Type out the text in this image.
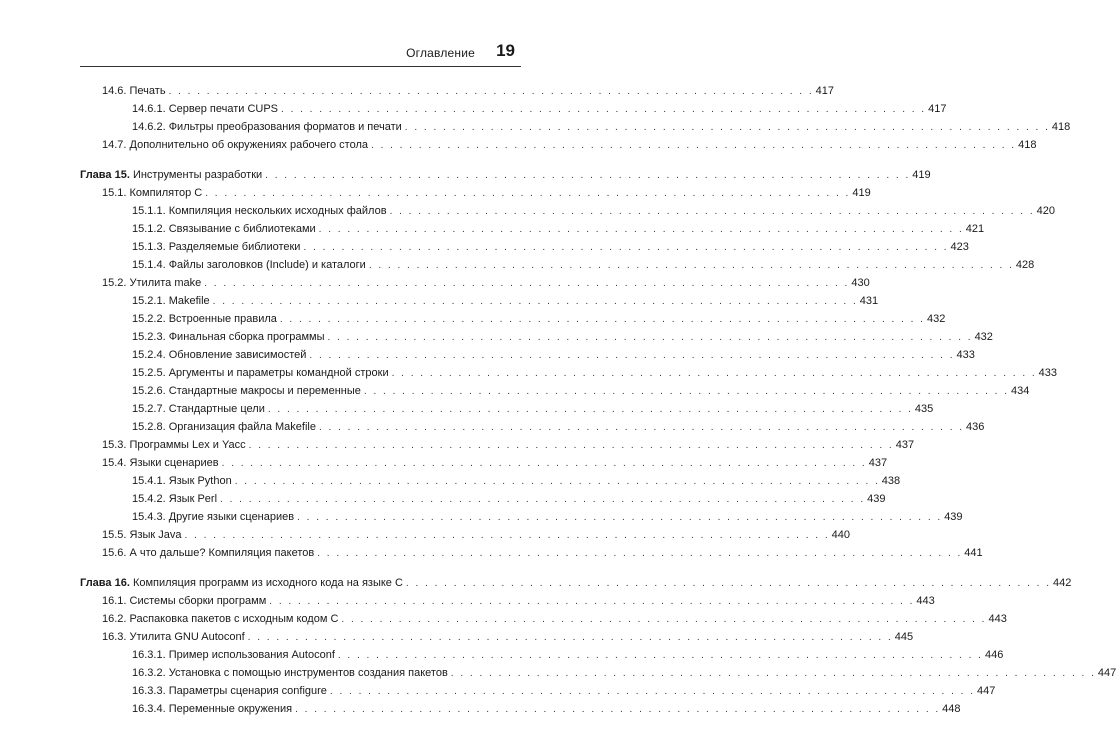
Оглавление 19
14.6. Печать . . . . . . . . . . . . . . . . . . . . . . . . . . . . . . . . . . . . . . . . . . . . . . . . . . . . . . . . . . . . . . . . . . . . 417
14.6.1. Сервер печати CUPS . . . . . . . . . . . . . . . . . . . . . . . . . . . . . . . . . . . . . . . . . . . . . . . . . . . . . . . . . . . . . . . . . . . . 417
14.6.2. Фильтры преобразования форматов и печати . . . . . . . . . . . . . . . . . . . . . . . . . . . . . . . . . . . . . . . . . . . . . . . . . . . . . . . . . . . . . . . . . . . . 418
14.7. Дополнительно об окружениях рабочего стола . . . . . . . . . . . . . . . . . . . . . . . . . . . . . . . . . . . . . . . . . . . . . . . . . . . . . . . . . . . . . . . . . . . . 418
Глава 15. Инструменты разработки . . . . . . . . . . . . . . . . . . . . . . . . . . . . . . . . . . . . . . . . . . . . . . . . . . . . . . . . . . . . . . . . . . . . 419
15.1. Компилятор С . . . . . . . . . . . . . . . . . . . . . . . . . . . . . . . . . . . . . . . . . . . . . . . . . . . . . . . . . . . . . . . . . . . . 419
15.1.1. Компиляция нескольких исходных файлов . . . . . . . . . . . . . . . . . . . . . . . . . . . . . . . . . . . . . . . . . . . . . . . . . . . . . . . . . . . . . . . . . . . . 420
15.1.2. Связывание с библиотеками . . . . . . . . . . . . . . . . . . . . . . . . . . . . . . . . . . . . . . . . . . . . . . . . . . . . . . . . . . . . . . . . . . . . 421
15.1.3. Разделяемые библиотеки . . . . . . . . . . . . . . . . . . . . . . . . . . . . . . . . . . . . . . . . . . . . . . . . . . . . . . . . . . . . . . . . . . . . 423
15.1.4. Файлы заголовков (Include) и каталоги . . . . . . . . . . . . . . . . . . . . . . . . . . . . . . . . . . . . . . . . . . . . . . . . . . . . . . . . . . . . . . . . . . . . 428
15.2. Утилита make . . . . . . . . . . . . . . . . . . . . . . . . . . . . . . . . . . . . . . . . . . . . . . . . . . . . . . . . . . . . . . . . . . . . 430
15.2.1. Makefile . . . . . . . . . . . . . . . . . . . . . . . . . . . . . . . . . . . . . . . . . . . . . . . . . . . . . . . . . . . . . . . . . . . . 431
15.2.2. Встроенные правила . . . . . . . . . . . . . . . . . . . . . . . . . . . . . . . . . . . . . . . . . . . . . . . . . . . . . . . . . . . . . . . . . . . . 432
15.2.3. Финальная сборка программы . . . . . . . . . . . . . . . . . . . . . . . . . . . . . . . . . . . . . . . . . . . . . . . . . . . . . . . . . . . . . . . . . . . . 432
15.2.4. Обновление зависимостей . . . . . . . . . . . . . . . . . . . . . . . . . . . . . . . . . . . . . . . . . . . . . . . . . . . . . . . . . . . . . . . . . . . . 433
15.2.5. Аргументы и параметры командной строки . . . . . . . . . . . . . . . . . . . . . . . . . . . . . . . . . . . . . . . . . . . . . . . . . . . . . . . . . . . . . . . . . . . . 433
15.2.6. Стандартные макросы и переменные . . . . . . . . . . . . . . . . . . . . . . . . . . . . . . . . . . . . . . . . . . . . . . . . . . . . . . . . . . . . . . . . . . . . 434
15.2.7. Стандартные цели . . . . . . . . . . . . . . . . . . . . . . . . . . . . . . . . . . . . . . . . . . . . . . . . . . . . . . . . . . . . . . . . . . . . 435
15.2.8. Организация файла Makefile . . . . . . . . . . . . . . . . . . . . . . . . . . . . . . . . . . . . . . . . . . . . . . . . . . . . . . . . . . . . . . . . . . . . 436
15.3. Программы Lex и Yacc . . . . . . . . . . . . . . . . . . . . . . . . . . . . . . . . . . . . . . . . . . . . . . . . . . . . . . . . . . . . . . . . . . . . 437
15.4. Языки сценариев . . . . . . . . . . . . . . . . . . . . . . . . . . . . . . . . . . . . . . . . . . . . . . . . . . . . . . . . . . . . . . . . . . . . 437
15.4.1. Язык Python . . . . . . . . . . . . . . . . . . . . . . . . . . . . . . . . . . . . . . . . . . . . . . . . . . . . . . . . . . . . . . . . . . . . 438
15.4.2. Язык Perl . . . . . . . . . . . . . . . . . . . . . . . . . . . . . . . . . . . . . . . . . . . . . . . . . . . . . . . . . . . . . . . . . . . . 439
15.4.3. Другие языки сценариев . . . . . . . . . . . . . . . . . . . . . . . . . . . . . . . . . . . . . . . . . . . . . . . . . . . . . . . . . . . . . . . . . . . . 439
15.5. Язык Java . . . . . . . . . . . . . . . . . . . . . . . . . . . . . . . . . . . . . . . . . . . . . . . . . . . . . . . . . . . . . . . . . . . . 440
15.6. А что дальше? Компиляция пакетов . . . . . . . . . . . . . . . . . . . . . . . . . . . . . . . . . . . . . . . . . . . . . . . . . . . . . . . . . . . . . . . . . . . . 441
Глава 16. Компиляция программ из исходного кода на языке С . . . . . . . . . . . . . . . . . . . . . . . . . . . . . . . . . . . . . . . . . . . . . . . . . . . . . . . . . . . . . . . . . . . . 442
16.1. Системы сборки программ . . . . . . . . . . . . . . . . . . . . . . . . . . . . . . . . . . . . . . . . . . . . . . . . . . . . . . . . . . . . . . . . . . . . 443
16.2. Распаковка пакетов с исходным кодом С . . . . . . . . . . . . . . . . . . . . . . . . . . . . . . . . . . . . . . . . . . . . . . . . . . . . . . . . . . . . . . . . . . . . 443
16.3. Утилита GNU Autoconf . . . . . . . . . . . . . . . . . . . . . . . . . . . . . . . . . . . . . . . . . . . . . . . . . . . . . . . . . . . . . . . . . . . . 445
16.3.1. Пример использования Autoconf . . . . . . . . . . . . . . . . . . . . . . . . . . . . . . . . . . . . . . . . . . . . . . . . . . . . . . . . . . . . . . . . . . . . 446
16.3.2. Установка с помощью инструментов создания пакетов . . . . . . . . . . . . . . . . . . . . . . . . . . . . . . . . . . . . . . . . . . . . . . . . . . . . . . . . . . . . . . . . . . . . 447
16.3.3. Параметры сценария configure . . . . . . . . . . . . . . . . . . . . . . . . . . . . . . . . . . . . . . . . . . . . . . . . . . . . . . . . . . . . . . . . . . . . 447
16.3.4. Переменные окружения . . . . . . . . . . . . . . . . . . . . . . . . . . . . . . . . . . . . . . . . . . . . . . . . . . . . . . . . . . . . . . . . . . . . 448
